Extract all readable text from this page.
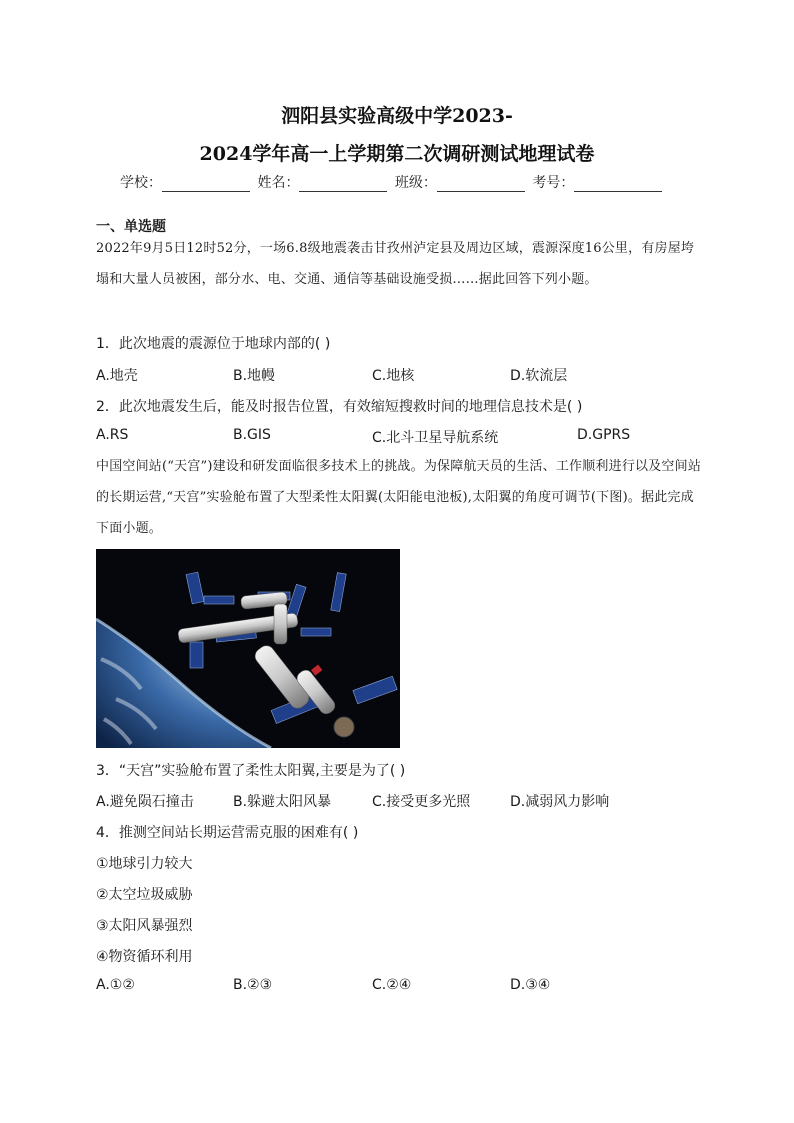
泗阳县实验高级中学2023-
2024学年高一上学期第二次调研测试地理试卷
学校：	姓名：	班级：	考号：
一、单选题
2022年9月5日12时52分，一场6.8级地震袭击甘孜州泸定县及周边区域，震源深度16公里，有房屋垮塌和大量人员被困，部分水、电、交通、通信等基础设施受损……据此回答下列小题。
1．此次地震的震源位于地球内部的( )
A.地壳	B.地幔	C.地核	D.软流层
2．此次地震发生后，能及时报告位置，有效缩短搜救时间的地理信息技术是( )
A.RS	B.GIS	C.北斗卫星导航系统	D.GPRS
中国空间站(“天宫”)建设和研发面临很多技术上的挑战。为保障航天员的生活、工作顺利进行以及空间站的长期运营,“天宫”实验舱布置了大型柔性太阳翼(太阳能电池板),太阳翼的角度可调节(下图)。据此完成下面小题。
3．“天宫”实验舱布置了柔性太阳翼,主要是为了( )
A.避免陨石撞击	B.躲避太阳风暴	C.接受更多光照	D.减弱风力影响
4．推测空间站长期运营需克服的困难有( )
①地球引力较大
②太空垃圾威胁
③太阳风暴强烈
④物资循环利用
A.①②	B.②③	C.②④	D.③④
